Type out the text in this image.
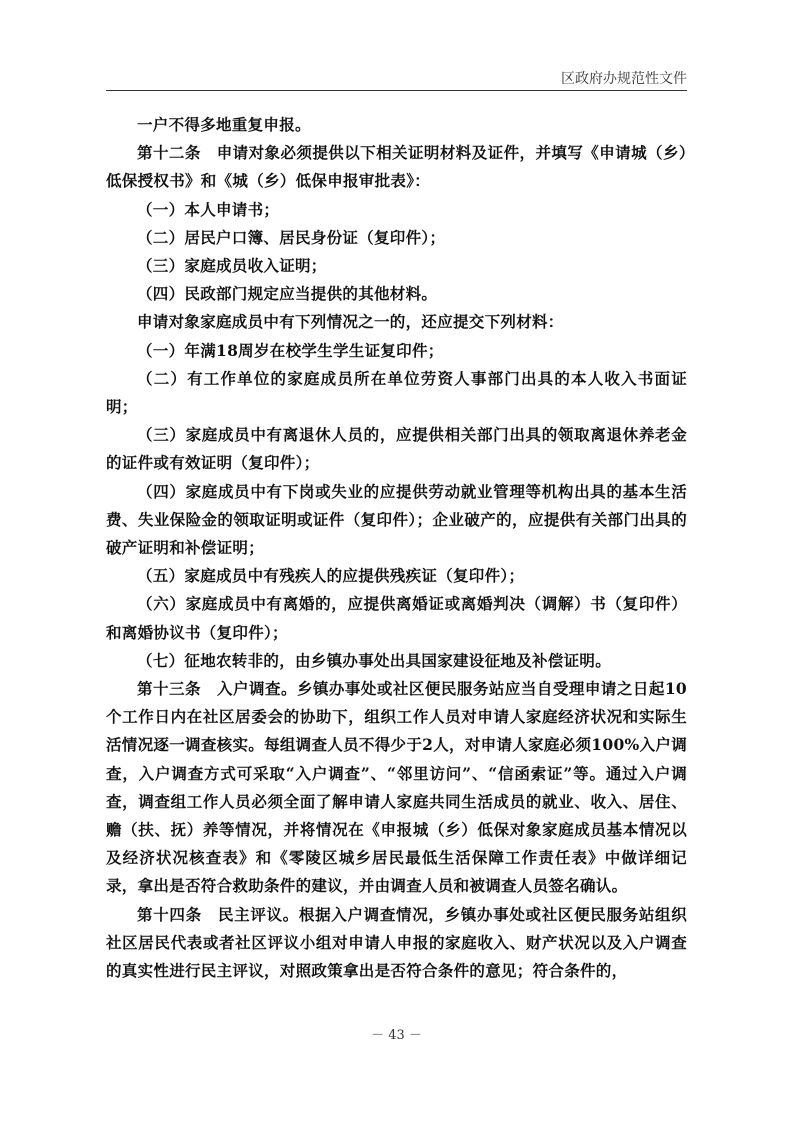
区政府办规范性文件

一户不得多地重复申报。

第十二条　申请对象必须提供以下相关证明材料及证件，并填写《申请城（乡）低保授权书》和《城（乡）低保申报审批表》：

（一）本人申请书；

（二）居民户口簿、居民身份证（复印件）；

（三）家庭成员收入证明；

（四）民政部门规定应当提供的其他材料。

申请对象家庭成员中有下列情况之一的，还应提交下列材料：

（一）年满18周岁在校学生学生证复印件；

（二）有工作单位的家庭成员所在单位劳资人事部门出具的本人收入书面证明；

（三）家庭成员中有离退休人员的，应提供相关部门出具的领取离退休养老金的证件或有效证明（复印件）；

（四）家庭成员中有下岗或失业的应提供劳动就业管理等机构出具的基本生活费、失业保险金的领取证明或证件（复印件）；企业破产的，应提供有关部门出具的破产证明和补偿证明；

（五）家庭成员中有残疾人的应提供残疾证（复印件）；

（六）家庭成员中有离婚的，应提供离婚证或离婚判决（调解）书（复印件）和离婚协议书（复印件）；

（七）征地农转非的，由乡镇办事处出具国家建设征地及补偿证明。

第十三条　入户调查。乡镇办事处或社区便民服务站应当自受理申请之日起10个工作日内在社区居委会的协助下，组织工作人员对申请人家庭经济状况和实际生活情况逐一调查核实。每组调查人员不得少于2人，对申请人家庭必须100%入户调查，入户调查方式可采取“入户调查”、“邻里访问”、“信函索证”等。通过入户调查，调查组工作人员必须全面了解申请人家庭共同生活成员的就业、收入、居住、赡（扶、抚）养等情况，并将情况在《申报城（乡）低保对象家庭成员基本情况以及经济状况核查表》和《零陵区城乡居民最低生活保障工作责任表》中做详细记录，拿出是否符合救助条件的建议，并由调查人员和被调查人员签名确认。

第十四条　民主评议。根据入户调查情况，乡镇办事处或社区便民服务站组织社区居民代表或者社区评议小组对申请人申报的家庭收入、财产状况以及入户调查的真实性进行民主评议，对照政策拿出是否符合条件的意见；符合条件的，

－ 43 －
